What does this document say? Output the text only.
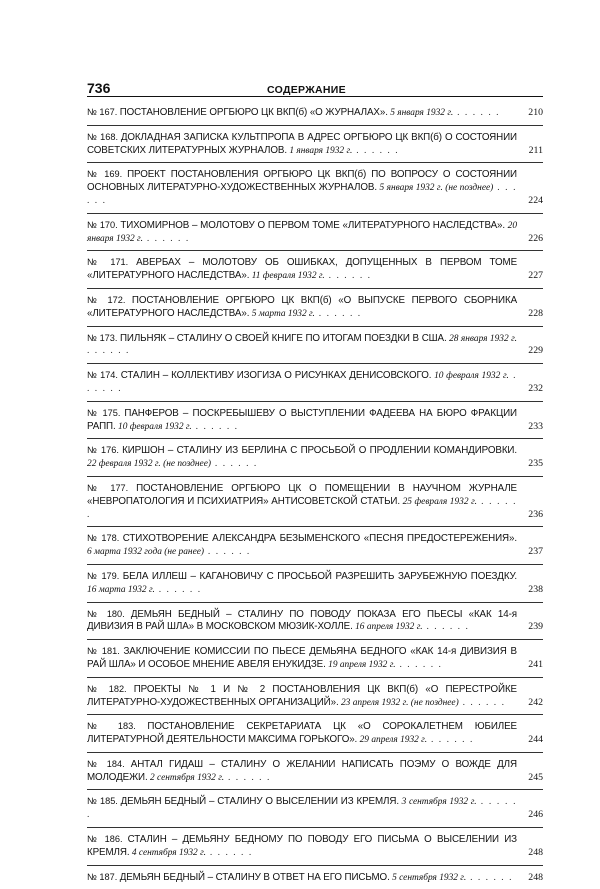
736	СОДЕРЖАНИЕ
№ 167. ПОСТАНОВЛЕНИЕ ОРГБЮРО ЦК ВКП(б) «О ЖУРНАЛАХ». 5 января 1932 г. . . . . . .	210
№ 168. ДОКЛАДНАЯ ЗАПИСКА КУЛЬТПРОПА В АДРЕС ОРГБЮРО ЦК ВКП(б) О СОСТОЯНИИ СОВЕТСКИХ ЛИТЕРАТУРНЫХ ЖУРНАЛОВ. 1 января 1932 г. . . . . . .	211
№ 169. ПРОЕКТ ПОСТАНОВЛЕНИЯ ОРГБЮРО ЦК ВКП(б) ПО ВОПРОСУ О СОСТОЯНИИ ОСНОВНЫХ ЛИТЕРАТУРНО-ХУДОЖЕСТВЕННЫХ ЖУРНАЛОВ. 5 января 1932 г. (не позднее) . . . . . .	224
№ 170. ТИХОМИРНОВ – МОЛОТОВУ О ПЕРВОМ ТОМЕ «ЛИТЕРАТУРНОГО НАСЛЕДСТВА». 20 января 1932 г. . . . . . .	226
№ 171. АВЕРБАХ – МОЛОТОВУ ОБ ОШИБКАХ, ДОПУЩЕННЫХ В ПЕРВОМ ТОМЕ «ЛИТЕРАТУРНОГО НАСЛЕДСТВА». 11 февраля 1932 г. . . . . . .	227
№ 172. ПОСТАНОВЛЕНИЕ ОРГБЮРО ЦК ВКП(б) «О ВЫПУСКЕ ПЕРВОГО СБОРНИКА «ЛИТЕРАТУРНОГО НАСЛЕДСТВА». 5 марта 1932 г. . . . . . .	228
№ 173. ПИЛЬНЯК – СТАЛИНУ О СВОЕЙ КНИГЕ ПО ИТОГАМ ПОЕЗДКИ В США. 28 января 1932 г. . . . . . .	229
№ 174. СТАЛИН – КОЛЛЕКТИВУ ИЗОГИЗА О РИСУНКАХ ДЕНИСОВСКОГО. 10 февраля 1932 г. . . . . . .	232
№ 175. ПАНФЕРОВ – ПОСКРЕБЫШЕВУ О ВЫСТУПЛЕНИИ ФАДЕЕВА НА БЮРО ФРАКЦИИ РАПП. 10 февраля 1932 г. . . . . . .	233
№ 176. КИРШОН – СТАЛИНУ ИЗ БЕРЛИНА С ПРОСЬБОЙ О ПРОДЛЕНИИ КОМАНДИРОВКИ. 22 февраля 1932 г. (не позднее) . . . . . .	235
№ 177. ПОСТАНОВЛЕНИЕ ОРГБЮРО ЦК О ПОМЕЩЕНИИ В НАУЧНОМ ЖУРНАЛЕ «НЕВРОПАТОЛОГИЯ И ПСИХИАТРИЯ» АНТИСОВЕТСКОЙ СТАТЬИ. 25 февраля 1932 г. . . . . . .	236
№ 178. СТИХОТВОРЕНИЕ АЛЕКСАНДРА БЕЗЫМЕНСКОГО «ПЕСНЯ ПРЕДОСТЕРЕЖЕНИЯ». 6 марта 1932 года (не ранее) . . . . . .	237
№ 179. БЕЛА ИЛЛЕШ – КАГАНОВИЧУ С ПРОСЬБОЙ РАЗРЕШИТЬ ЗАРУБЕЖНУЮ ПОЕЗДКУ. 16 марта 1932 г. . . . . . .	238
№ 180. ДЕМЬЯН БЕДНЫЙ – СТАЛИНУ ПО ПОВОДУ ПОКАЗА ЕГО ПЬЕСЫ «КАК 14-я ДИВИЗИЯ В РАЙ ШЛА» В МОСКОВСКОМ МЮЗИК-ХОЛЛЕ. 16 апреля 1932 г. . . . . . .	239
№ 181. ЗАКЛЮЧЕНИЕ КОМИССИИ ПО ПЬЕСЕ ДЕМЬЯНА БЕДНОГО «КАК 14-я ДИВИЗИЯ В РАЙ ШЛА» И ОСОБОЕ МНЕНИЕ АВЕЛЯ ЕНУКИДЗЕ. 19 апреля 1932 г. . . . . . .	241
№ 182. ПРОЕКТЫ № 1 И № 2 ПОСТАНОВЛЕНИЯ ЦК ВКП(б) «О ПЕРЕСТРОЙКЕ ЛИТЕРАТУРНО-ХУДОЖЕСТВЕННЫХ ОРГАНИЗАЦИЙ». 23 апреля 1932 г. (не позднее) . . . . . . 242
№ 183. ПОСТАНОВЛЕНИЕ СЕКРЕТАРИАТА ЦК «О СОРОКАЛЕТНЕМ ЮБИЛЕЕ ЛИТЕРАТУРНОЙ ДЕЯТЕЛЬНОСТИ МАКСИМА ГОРЬКОГО». 29 апреля 1932 г. . . . . . .	244
№ 184. АНТАЛ ГИДАШ – СТАЛИНУ О ЖЕЛАНИИ НАПИСАТЬ ПОЭМУ О ВОЖДЕ ДЛЯ МОЛОДЕЖИ. 2 сентября 1932 г. . . . . . .	245
№ 185. ДЕМЬЯН БЕДНЫЙ – СТАЛИНУ О ВЫСЕЛЕНИИ ИЗ КРЕМЛЯ. 3 сентября 1932 г. . . . . . .	246
№ 186. СТАЛИН – ДЕМЬЯНУ БЕДНОМУ ПО ПОВОДУ ЕГО ПИСЬМА О ВЫСЕЛЕНИИ ИЗ КРЕМЛЯ. 4 сентября 1932 г. . . . . . .	248
№ 187. ДЕМЬЯН БЕДНЫЙ – СТАЛИНУ В ОТВЕТ НА ЕГО ПИСЬМО. 5 сентября 1932 г. . . . . . . 248
